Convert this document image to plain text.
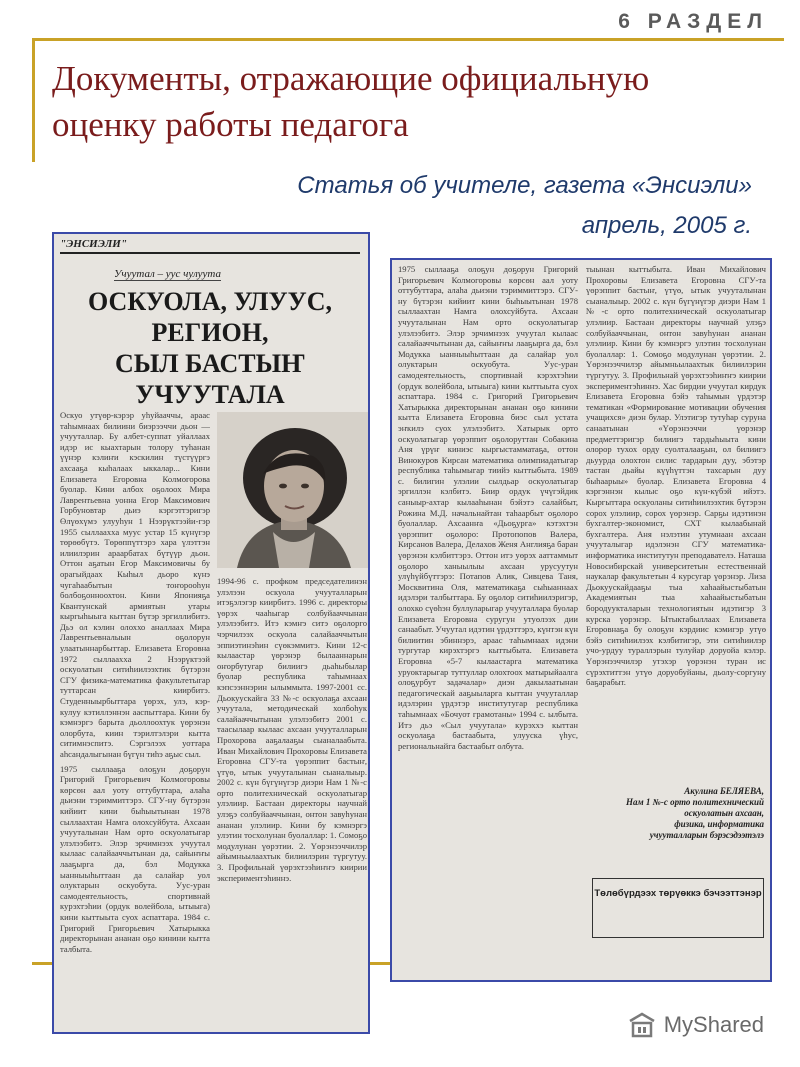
6 РАЗДЕЛ
Документы, отражающие официальную
оценку работы педагога
Статья об учителе, газета «Энсиэли»
апрель, 2005 г.
"ЭНСИЭЛИ"
Учуутал – уус чулуута
ОСКУОЛА, УЛУУС,
РЕГИОН,
СЫЛ БАСТЫҤ
УЧУУТАЛА

Оскуо утүөр-кэрэр уһуйааччы, араас таһымнаах билиини биэрээччи дьон — учууталлар. Бу албет-суппат уйаллаах идэр ис кыахтарын толору туһанан үүнэр кэлиҥи кэскилин түстүүргэ ахсааҕа кыһалаах ыккалар... Кини Елизавета Егоровна Колмогорова буолар. Кини албох оҕолоох Мира Лаврентьевна уонна Егор Максимович Горбуновтар дьиэ кэргэттэригэр Өлүөхүмэ улууһун 1 Нээрүктээйи-гэр 1955 сыллаахха муус устар 15 күнүгэр төрөөбүтэ. Төрөппүттэрэ хара үлэттэн илиилэрин араарбатах бүтүүр дьон. Оттон аҕатын Егор Максимовичы бу орагыйдаах Кыһыл дьоро күнэ чугаһаабытын тоҥорооһун болбоҕонноохтон. Кини Японияҕа Квантунскай армиятын утары кыргыһыыга кыттан бүтэр эргиллибитэ. Дьэ ол кэлин олоххо аналлаах Мира Лаврентьевналыын оҕолорун улаатыннарбыттар. Елизавета Егоровна 1972 сыллааххa 2 Нээрүктээй оскуолатын ситиһиилээхтик бүтэрэн СГУ физика-математика факультетыгар туттарсан киирбитэ. Студенныырбыттара үөрэх, улэ, кэр-кулуу кэтиллэннэн ааспыттара. Кини бу кэмнэргэ барыта дьоллоохтук үөрэнэн олорбута, киин тэрилтэлэри кытта ситимнэспитэ. Сэргэлээх уоттара аһсандалыгынан бүгүн тиһэ аҕыс сыл.

1975 сыллааҕа олоҕун доҕорун Григорий Григорьевич Колмогоровы көрсөн аал уоту оттубуттара, алаһа дьиэни тэриммиттэрэ. СГУ-ну бүтэрэн кийиит кини быһыытынан 1978 сыллаахтан Намга олохсуйбута. Ахсаан учууталынан Нам орто оскуолатыгар улэлээбитэ. Элэр эрчимнээх учуутал кылаас салайааччытынан да, сайыҥҥы лааҕырга да, бэл Модукка ыанныыһыттаан да салайар уол олуктарын оскуобута. Уус-уран самодеятельность, спортивнай курэхтэһии (ордук волейбола, ытыыга) кини кыттыыта суох аспаттара. 1984 с. Григорий Григорьевич Хатырыкка директорынан ананан оҕо кинини кытта талбыта.

1994-96 с. профком председателинэн улэлээн оскуола учууталларын итэҕэлэгэр киирбитэ. 1996 с. директоры үөрэх чааһыгар солбуйааччынан улэлээбитэ. Итэ кэмҥэ ситэ оҕолорго чэрчилээх оскуола салайааччытын эппиэтинэһин сүөкэммитэ. Кини 12-с кылаастар үөрэнэр былааннарын оҥорбутугар билиигэ дьаһыбылар буолар республика таһымнаах кэпсээннэрин ылыммыта. 1997-2001 сс. Дьокуускайга 33 №-с оскуолаҕа ахсаан учуутала, методическай холбоһук салайааччытынан улэлээбитэ 2001 с. таасылаар кылаас ахсаан учууталларын Прохорова ааҕалааҕы сыаналаабыта. Иван Михайлович Прохоровы Елизавета Егоровна СГУ-та үөрэппит бастыҥ, үтүө, ытык учууталынан сыаналыыр. 2002 с. күн бүгүнүгэр диэри Нам 1 №-с орто политехническай оскуолатыгар улэлиир. Бастаан директоры научнай улэҕэ солбуйааччынан, онтон завуһунан ананан улэлиир. Кини бу кэмнэргэ улэтин тосхолунан буолаллар: 1. Сомоҕо модулунан үөрэтии. 2. Үөрэнээччилэр айымньылаахтык билиилэрин түргутуу. 3. Профильнай үөрэхтээһиҥҥэ киирии экспериментэһиннэ.

1975 сыллааҕа олоҕун доҕорун Григорий Григорьевич Колмогоровы көрсөн аал уоту оттубуттара, алаһа дьиэни тэриммиттэрэ. СГУ-ну бүтэрэн кийиит кини быһыытынан 1978 сыллаахтан Намга олохсуйбута. Ахсаан учууталынан Нам орто оскуолатыгар улэлээбитэ. Элэр эрчимнээх учуутал кылаас салайааччытынан да, сайыҥҥы лааҕырга да, бэл Модукка ыанныыһыттаан да салайар уол олуктарын оскуобута. Уус-уран самодеятельность, спортивнай кэрэхтэһии (ордук волейбола, ытыыга) кини кыттыыта суох аспаттара. 1984 с. Григорий Григорьевич Хатырыкка директорынан ананан оҕо кинини кытта Елизавета Егоровна биэс сыл устата эҥкилэ суох улэлээбитэ. Хатырык орто оскуолатыгар үөрэппит оҕолоруттан Собакина Аня үрүҥ киниэс кыргыстамматаҕа, оттон Винокуров Кирсан математика олимпиадатыгар республика таһымыгар тиийэ кыттыбыта. 1989 с. билигин улэлии сылдьар оскуолатыгар эргиллэн кэлбитэ. Биир ордук үчүгэйдик саныыр-ахтар кылааһынан бэйэтэ салайбыт, Рожина М.Д. начальнайтан таһаарбыт оҕолоро буолаллар. Ахсаанҥа «Дьоҕурга» кэтэхтэн үөрэппит оҕолоро: Протопопов Валера, Кирсанов Валера, Делахов Женя Англияҕа баран үөрэнэн кэлбиттэрэ. Оттон итэ уөрэх ааттаммыт оҕолоро ханыылыы ахсаан урусуутун улүһүйбүттэрэ: Потапов Алик, Сивцева Таня, Москвитина Оля, математикаҕа сыһыаннаах идэлэри талбыттара. Бу оҕолор ситиһиилэригэр, олохко сүөһэн буллуларыгар учууталлара буолар Елизавета Егоровна суругун утуөлээх дии санаабыт. Учуутал идэтин үрдэттэрэ, күнтэн күн билиитин эбиннэрэ, араас таһымнаах идэни тургутар кирэхтэргэ кыттыбыта. Елизавета Егоровна «5-7 кылаастарга математика уруоктарыгар туттуллар олохтоох матырыйаалга олоҕурбут задачалар» диэн дакылаатынан педагогическай ааҕыыларга кыттан учууталлар идэлэрин үрдэтэр институтугар республика таһымнаах «Бочуот грамотаны» 1994 с. ылбыта. Итэ дьэ «Сыл учуутала» курэххэ кыттан оскуолаҕа бастаабыта, улуускa үһус, региональнайга бастаабыт олбута.

тыынан кыттыбыта. Иван Михайлович Прохоровы Елизавета Егоровна СГУ-та үөрэппит бастыҥ, үтүө, ытык учууталынан сыаналыыр. 2002 с. күн бүгүнүгэр диэри Нам 1 №-с орто политехническай оскуолатыгар улэлиир. Бастаан директоры научнай улэҕэ солбуйааччынан, онтон завуһунан ананан улэлиир. Кини бу кэмнэргэ улэтин тосхолунан буолаллар: 1. Сомоҕо модулунан үөрэтии. 2. Үөрэнээччилэр айымньылаахтык билиилэрин түргутуу. 3. Профильнай үөрэхтээһиҥҥэ киирии экспериментэһиннэ. Хас бирдии учуутал кирдук Елизавета Егоровна бэйэ таһымын үрдэтэр тематикан «Формирование мотивации обучения учащихся» диэн булар. Улэтигэр тутуһар суруна санаатынан «Үөрэнээччи үөрэнэр предметтэригэр билиигэ тардыһыыта кини олорор тухох орду суолталааҕын, ол билиигэ дьуурда олохтон силис тардарын дуу, эбэтэр тастан дьайы күүһүттэн тахсарын дуу быһаарыы» буолар. Елизавета Егоровна 4 кэргэннэн кылыс оҕо күн-күбэй ийэтэ. Кыргыттара оскуоланы ситиһиилээхтик бүтэрэн сорох улэлиир, сорох үөрэнэр. Сарҕы идэтинэн бухгалтер-экономист, СХТ кылаабынай бухгалтера. Аня нэлэтин утумнаан ахсаан учууталыгар идэлэнэн СГУ математика-информатика институтун преподавателэ. Наташа Новосибирскай университетын естественнай наукалар факультетын 4 курсугар үөрэнэр. Лиза Дьокуускайдааҕы тыа хаһаайыстыбатын Академиятын тыа хаһаайыстыбатын бородуукталарын технологиятын идэтигэр 3 курска үөрэнэр. Ытыктабыллаах Елизавета Егоровнаҕа бу олоҕун кэрдиис кэмигэр утүө бэйэ ситиһиилээх кэлбитигэр, эти ситиһиилэр учо-урдуу тураллэрын тулуйар доруойа кэлэр. Үөрэнээччилэр утэхэр үөрэнэн туран ис сүрэхтиттэн утүө доруобуйаны, дьолу-соргуну баҕарабыт.

Акулина БЕЛЯЕВА,
Нам 1 №-с орто политехнический оскуолатын ахсаан,
физика, информатика
учууталларын бэрэсэдээтэлэ
Төлөбүрдээх төрүөккэ бэчээттэнэр
MyShared
